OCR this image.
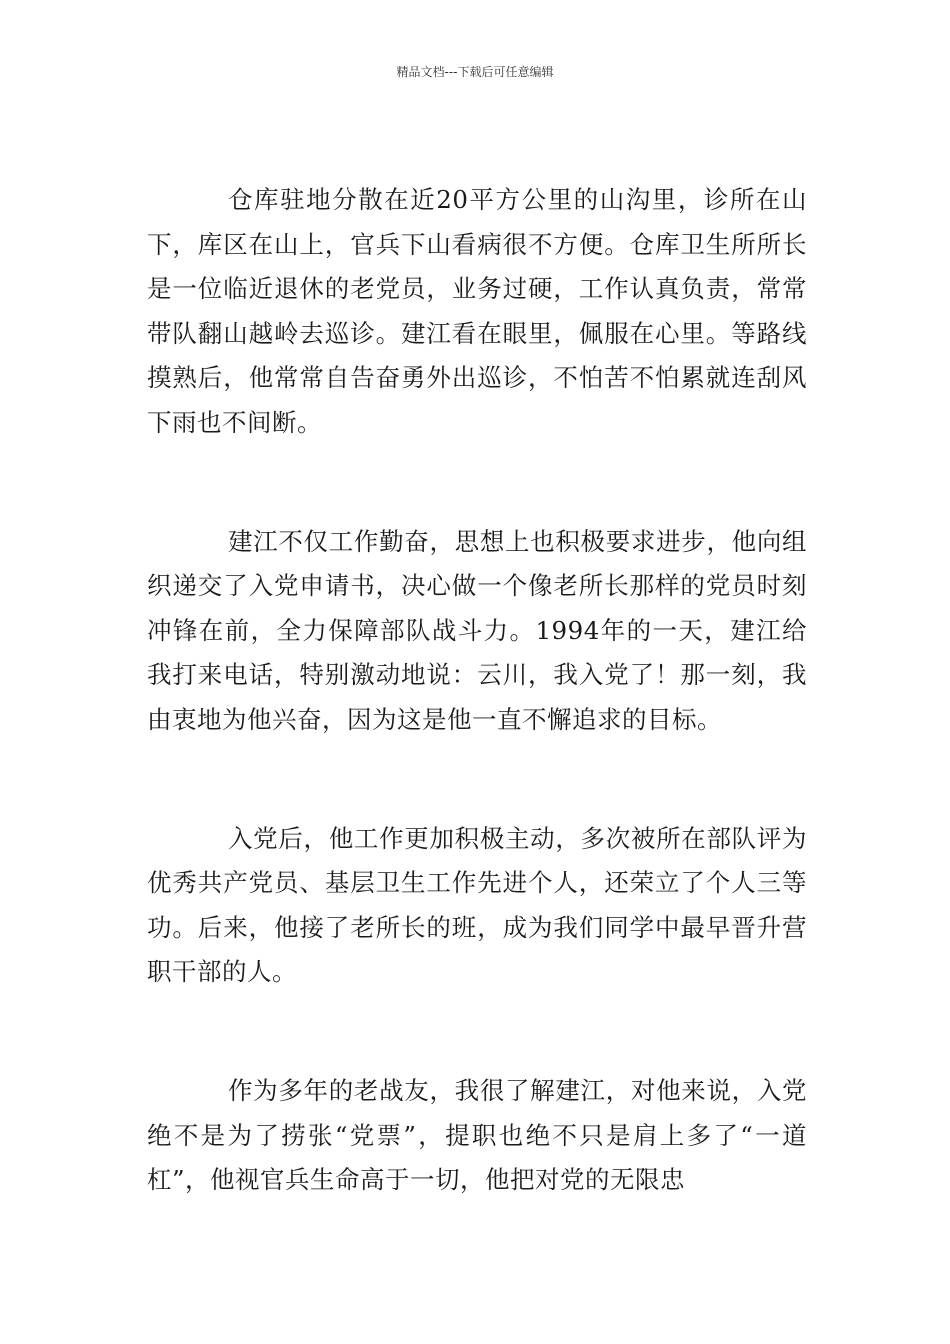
精品文档---下载后可任意编辑

仓库驻地分散在近20平方公里的山沟里，诊所在山下，库区在山上，官兵下山看病很不方便。仓库卫生所所长是一位临近退休的老党员，业务过硬，工作认真负责，常常带队翻山越岭去巡诊。建江看在眼里，佩服在心里。等路线摸熟后，他常常自告奋勇外出巡诊，不怕苦不怕累就连刮风下雨也不间断。

建江不仅工作勤奋，思想上也积极要求进步，他向组织递交了入党申请书，决心做一个像老所长那样的党员时刻冲锋在前，全力保障部队战斗力。1994年的一天，建江给我打来电话，特别激动地说：云川，我入党了！那一刻，我由衷地为他兴奋，因为这是他一直不懈追求的目标。

入党后，他工作更加积极主动，多次被所在部队评为优秀共产党员、基层卫生工作先进个人，还荣立了个人三等功。后来，他接了老所长的班，成为我们同学中最早晋升营职干部的人。

作为多年的老战友，我很了解建江，对他来说，入党绝不是为了捞张“党票”，提职也绝不只是肩上多了“一道杠”，他视官兵生命高于一切，他把对党的无限忠
